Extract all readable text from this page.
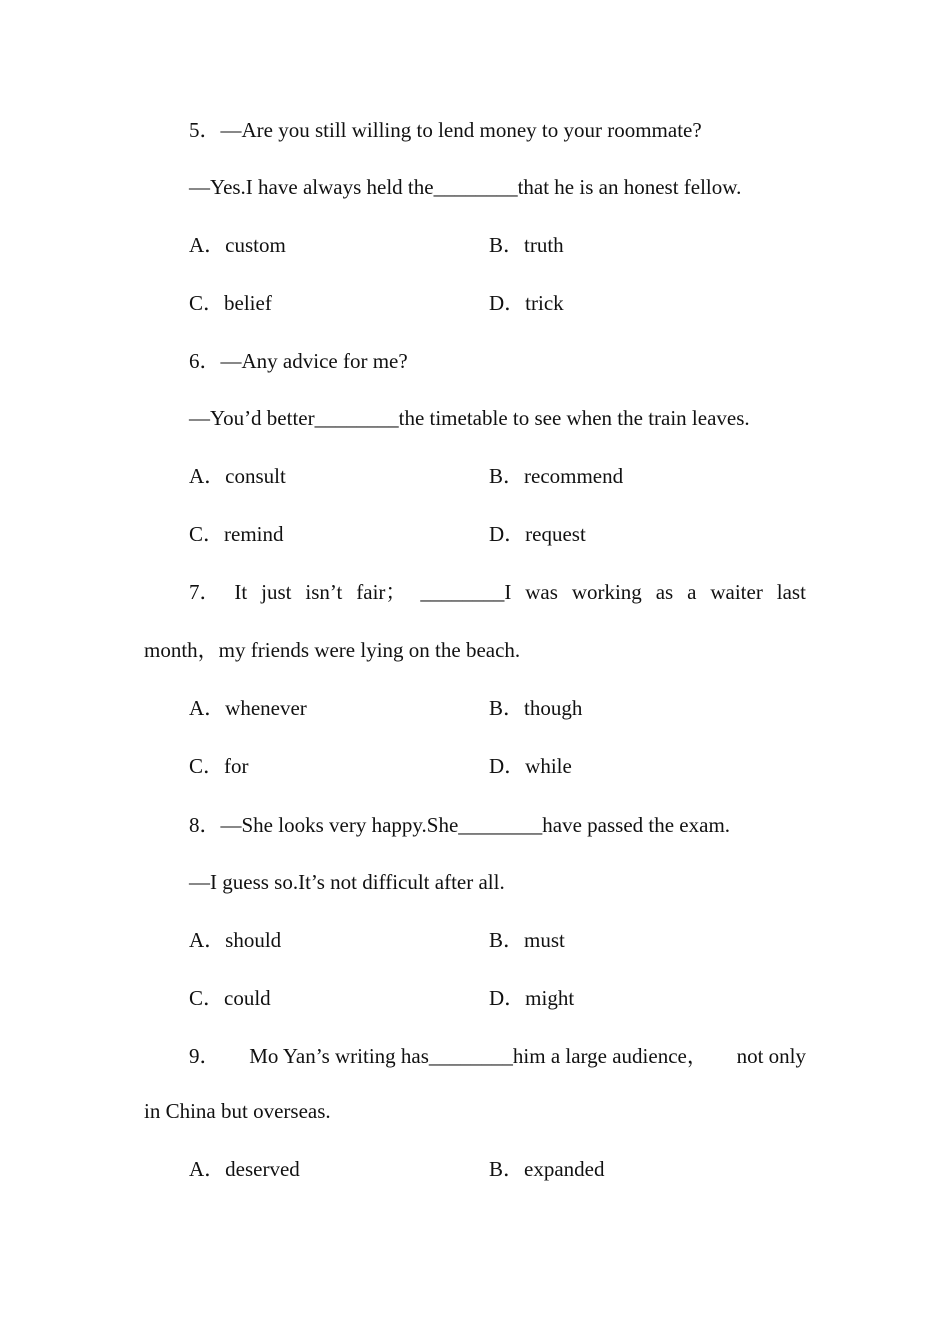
5．—Are you still willing to lend money to your roommate?
—Yes.I have always held the________that he is an honest fellow.
A．custom	B．truth
C．belief	D．trick
6．—Any advice for me?
—You’d better________the timetable to see when the train leaves.
A．consult	B．recommend
C．remind	D．request
7． It just isn’t fair； ________I was working as a waiter last
month，my friends were lying on the beach.
A．whenever	B．though
C．for	D．while
8．—She looks very happy.She________have passed the exam.
—I guess so.It’s not difficult after all.
A．should	B．must
C．could	D．might
9． Mo Yan’s writing has________him a large audience， not only
in China but overseas.
A．deserved	B．expanded
